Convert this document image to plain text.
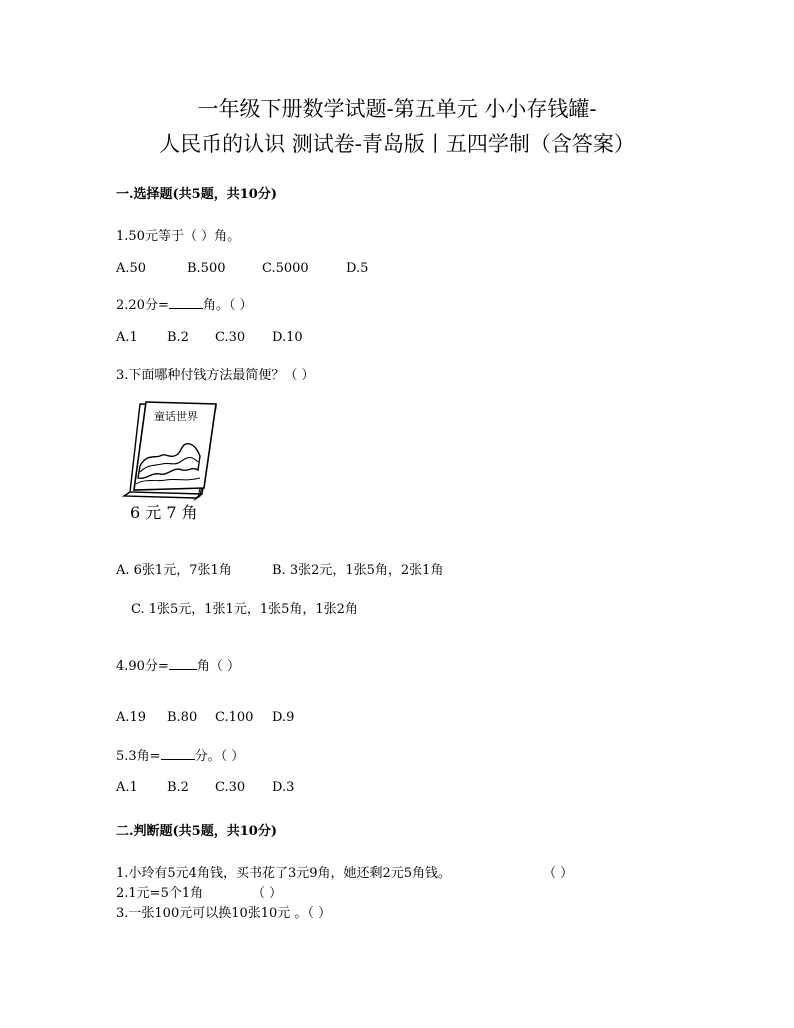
一年级下册数学试题-第五单元 小小存钱罐-
人民币的认识 测试卷-青岛版丨五四学制（含答案）
一.选择题(共5题，共10分)
1.50元等于（ ）角。
A.50	B.500	C.5000	D.5
2.20分=	角。（ ）
A.1 B.2 C.30 D.10
3.下面哪种付钱方法最简便？（ ）
童话世界
6 元 7 角
A. 6张1元，7张1角	B. 3张2元，1张5角，2张1角
C. 1张5元，1张1元，1张5角，1张2角
4.90分= 角（ ）
A.19 B.80 C.100 D.9
5.3角=	分。（ ）
A.1 B.2 C.30 D.3
二.判断题(共5题，共10分)
1.小玲有5元4角钱，买书花了3元9角，她还剩2元5角钱。	（ ）
2.1元=5个1角	（ ）
3.一张100元可以换10张10元 。（ ）
